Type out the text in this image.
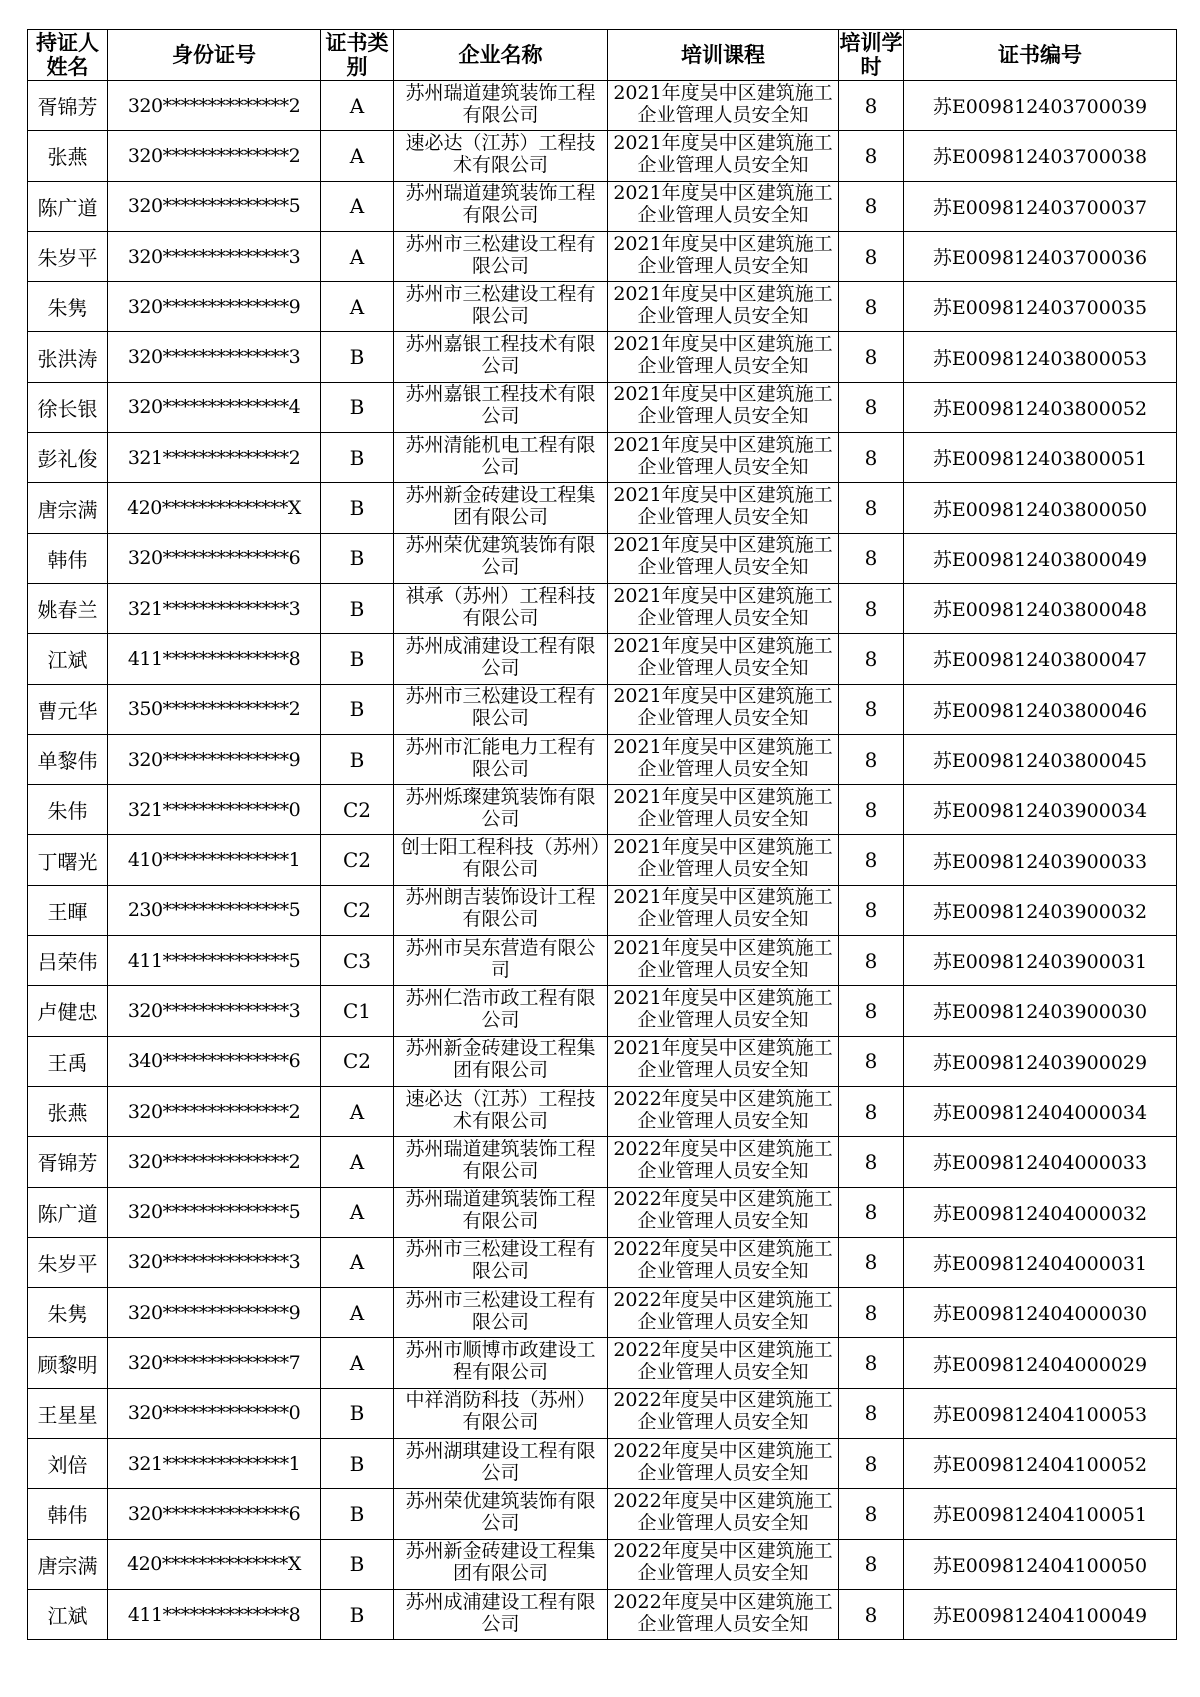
持证人姓名	身份证号	证书类别	企业名称	培训课程	培训学时	证书编号
胥锦芳	320**************2	A	苏州瑞道建筑装饰工程有限公司	2021年度吴中区建筑施工企业管理人员安全知	8	苏E009812403700039
张燕	320**************2	A	速必达（江苏）工程技术有限公司	2021年度吴中区建筑施工企业管理人员安全知	8	苏E009812403700038
陈广道	320**************5	A	苏州瑞道建筑装饰工程有限公司	2021年度吴中区建筑施工企业管理人员安全知	8	苏E009812403700037
朱岁平	320**************3	A	苏州市三松建设工程有限公司	2021年度吴中区建筑施工企业管理人员安全知	8	苏E009812403700036
朱隽	320**************9	A	苏州市三松建设工程有限公司	2021年度吴中区建筑施工企业管理人员安全知	8	苏E009812403700035
张洪涛	320**************3	B	苏州嘉银工程技术有限公司	2021年度吴中区建筑施工企业管理人员安全知	8	苏E009812403800053
徐长银	320**************4	B	苏州嘉银工程技术有限公司	2021年度吴中区建筑施工企业管理人员安全知	8	苏E009812403800052
彭礼俊	321**************2	B	苏州清能机电工程有限公司	2021年度吴中区建筑施工企业管理人员安全知	8	苏E009812403800051
唐宗满	420**************X	B	苏州新金砖建设工程集团有限公司	2021年度吴中区建筑施工企业管理人员安全知	8	苏E009812403800050
韩伟	320**************6	B	苏州荣优建筑装饰有限公司	2021年度吴中区建筑施工企业管理人员安全知	8	苏E009812403800049
姚春兰	321**************3	B	祺承（苏州）工程科技有限公司	2021年度吴中区建筑施工企业管理人员安全知	8	苏E009812403800048
江斌	411**************8	B	苏州成浦建设工程有限公司	2021年度吴中区建筑施工企业管理人员安全知	8	苏E009812403800047
曹元华	350**************2	B	苏州市三松建设工程有限公司	2021年度吴中区建筑施工企业管理人员安全知	8	苏E009812403800046
单黎伟	320**************9	B	苏州市汇能电力工程有限公司	2021年度吴中区建筑施工企业管理人员安全知	8	苏E009812403800045
朱伟	321**************0	C2	苏州烁璨建筑装饰有限公司	2021年度吴中区建筑施工企业管理人员安全知	8	苏E009812403900034
丁曙光	410**************1	C2	创士阳工程科技（苏州）有限公司	2021年度吴中区建筑施工企业管理人员安全知	8	苏E009812403900033
王暉	230**************5	C2	苏州朗吉装饰设计工程有限公司	2021年度吴中区建筑施工企业管理人员安全知	8	苏E009812403900032
吕荣伟	411**************5	C3	苏州市吴东营造有限公司	2021年度吴中区建筑施工企业管理人员安全知	8	苏E009812403900031
卢健忠	320**************3	C1	苏州仁浩市政工程有限公司	2021年度吴中区建筑施工企业管理人员安全知	8	苏E009812403900030
王禹	340**************6	C2	苏州新金砖建设工程集团有限公司	2021年度吴中区建筑施工企业管理人员安全知	8	苏E009812403900029
张燕	320**************2	A	速必达（江苏）工程技术有限公司	2022年度吴中区建筑施工企业管理人员安全知	8	苏E009812404000034
胥锦芳	320**************2	A	苏州瑞道建筑装饰工程有限公司	2022年度吴中区建筑施工企业管理人员安全知	8	苏E009812404000033
陈广道	320**************5	A	苏州瑞道建筑装饰工程有限公司	2022年度吴中区建筑施工企业管理人员安全知	8	苏E009812404000032
朱岁平	320**************3	A	苏州市三松建设工程有限公司	2022年度吴中区建筑施工企业管理人员安全知	8	苏E009812404000031
朱隽	320**************9	A	苏州市三松建设工程有限公司	2022年度吴中区建筑施工企业管理人员安全知	8	苏E009812404000030
顾黎明	320**************7	A	苏州市顺博市政建设工程有限公司	2022年度吴中区建筑施工企业管理人员安全知	8	苏E009812404000029
王星星	320**************0	B	中祥消防科技（苏州）有限公司	2022年度吴中区建筑施工企业管理人员安全知	8	苏E009812404100053
刘倍	321**************1	B	苏州湖琪建设工程有限公司	2022年度吴中区建筑施工企业管理人员安全知	8	苏E009812404100052
韩伟	320**************6	B	苏州荣优建筑装饰有限公司	2022年度吴中区建筑施工企业管理人员安全知	8	苏E009812404100051
唐宗满	420**************X	B	苏州新金砖建设工程集团有限公司	2022年度吴中区建筑施工企业管理人员安全知	8	苏E009812404100050
江斌	411**************8	B	苏州成浦建设工程有限公司	2022年度吴中区建筑施工企业管理人员安全知	8	苏E009812404100049
